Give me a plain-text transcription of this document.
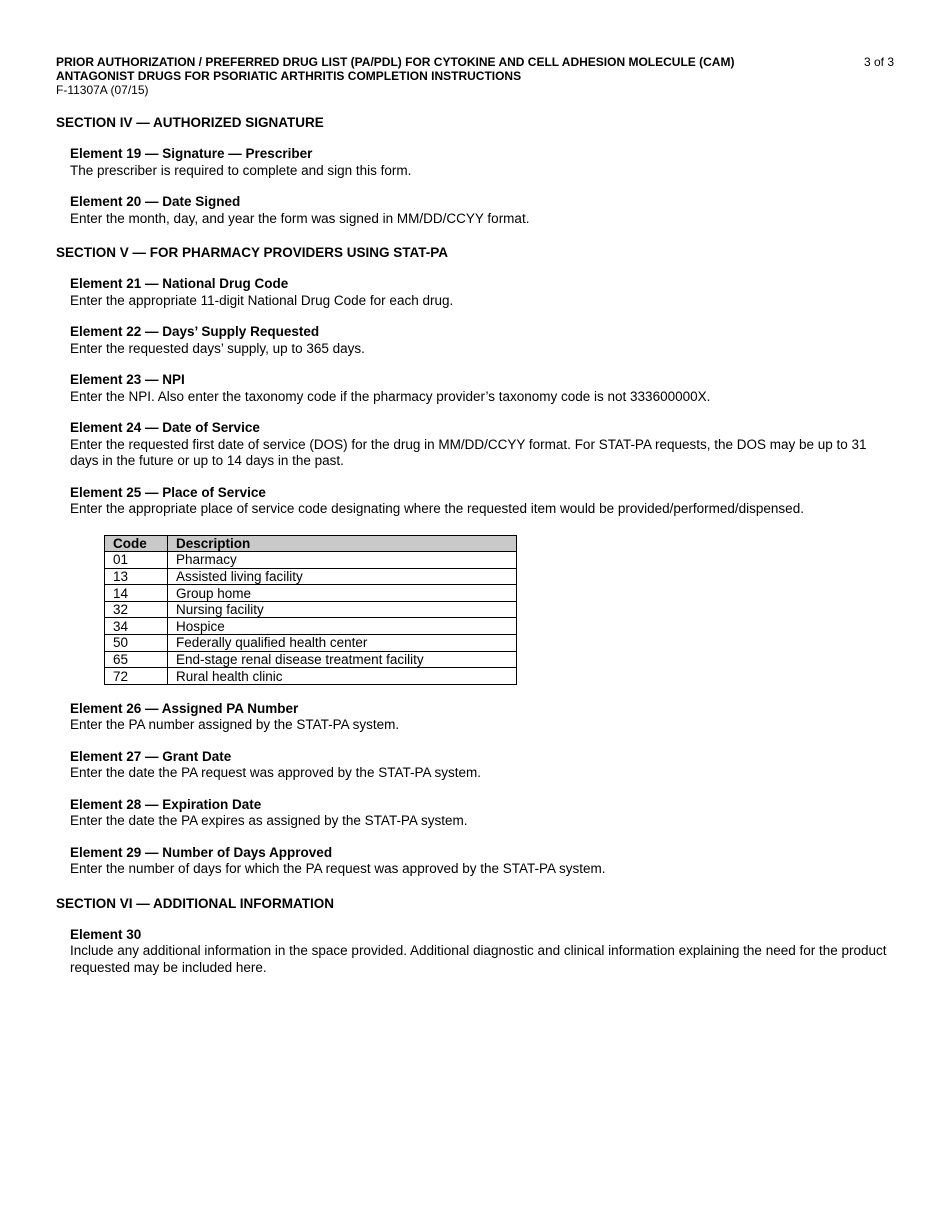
PRIOR AUTHORIZATION / PREFERRED DRUG LIST (PA/PDL) FOR CYTOKINE AND CELL ADHESION MOLECULE (CAM)
ANTAGONIST DRUGS FOR PSORIATIC ARTHRITIS COMPLETION INSTRUCTIONS
3 of 3
F-11307A (07/15)
SECTION IV — AUTHORIZED SIGNATURE
Element 19 — Signature — Prescriber
The prescriber is required to complete and sign this form.
Element 20 — Date Signed
Enter the month, day, and year the form was signed in MM/DD/CCYY format.
SECTION V — FOR PHARMACY PROVIDERS USING STAT-PA
Element 21 — National Drug Code
Enter the appropriate 11-digit National Drug Code for each drug.
Element 22 — Days’ Supply Requested
Enter the requested days’ supply, up to 365 days.
Element 23 — NPI
Enter the NPI. Also enter the taxonomy code if the pharmacy provider’s taxonomy code is not 333600000X.
Element 24 — Date of Service
Enter the requested first date of service (DOS) for the drug in MM/DD/CCYY format. For STAT-PA requests, the DOS may be up to 31 days in the future or up to 14 days in the past.
Element 25 — Place of Service
Enter the appropriate place of service code designating where the requested item would be provided/performed/dispensed.
Code	Description
01	Pharmacy
13	Assisted living facility
14	Group home
32	Nursing facility
34	Hospice
50	Federally qualified health center
65	End-stage renal disease treatment facility
72	Rural health clinic
Element 26 — Assigned PA Number
Enter the PA number assigned by the STAT-PA system.
Element 27 — Grant Date
Enter the date the PA request was approved by the STAT-PA system.
Element 28 — Expiration Date
Enter the date the PA expires as assigned by the STAT-PA system.
Element 29 — Number of Days Approved
Enter the number of days for which the PA request was approved by the STAT-PA system.
SECTION VI — ADDITIONAL INFORMATION
Element 30
Include any additional information in the space provided. Additional diagnostic and clinical information explaining the need for the product requested may be included here.
